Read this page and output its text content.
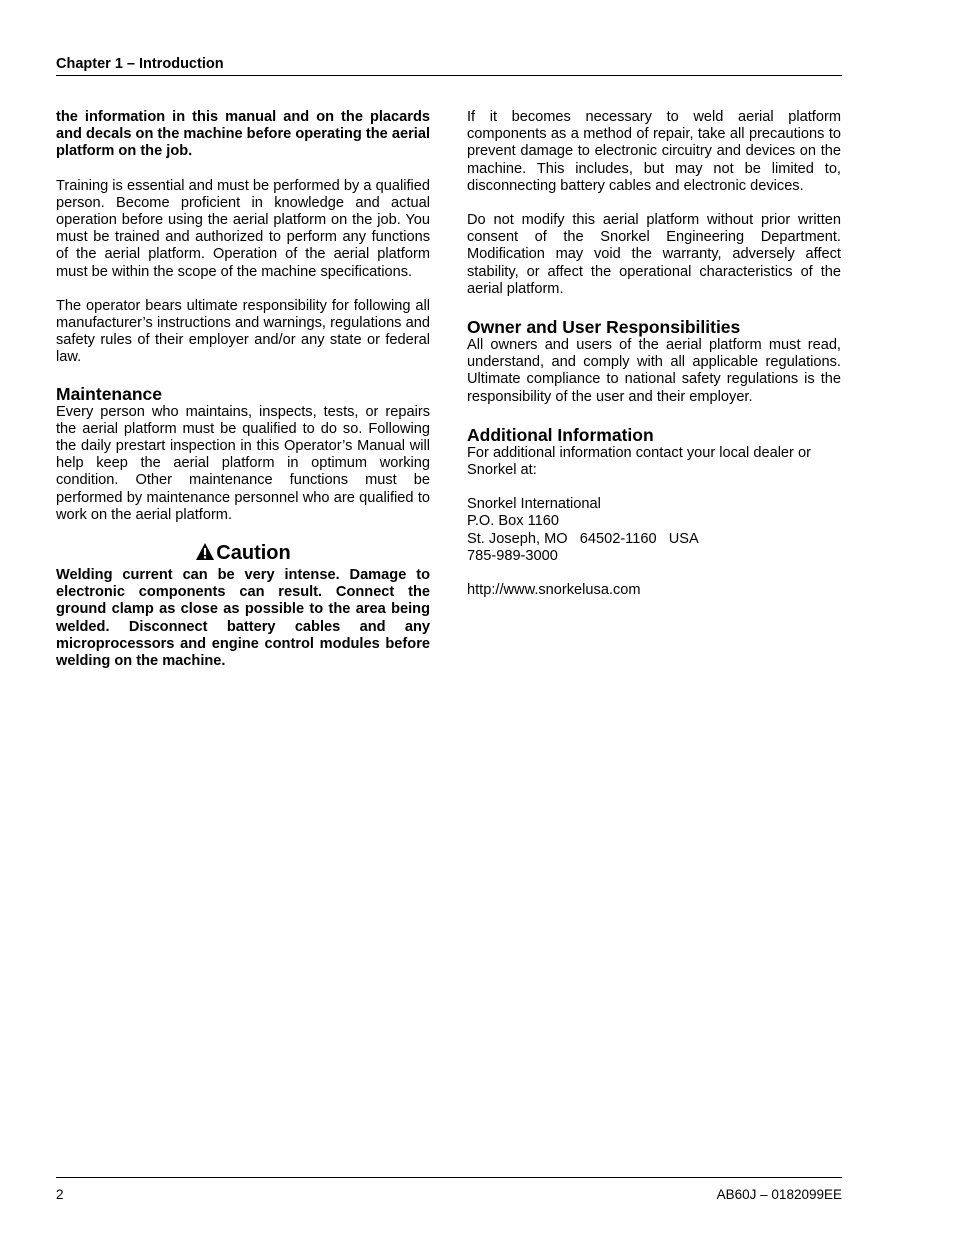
Chapter 1 – Introduction

the information in this manual and on the placards and decals on the machine before operating the aerial platform on the job.

Training is essential and must be performed by a qualified person. Become proficient in knowledge and actual operation before using the aerial platform on the job. You must be trained and authorized to perform any functions of the aerial platform. Operation of the aerial platform must be within the scope of the machine specifications.

The operator bears ultimate responsibility for following all manufacturer’s instructions and warnings, regulations and safety rules of their employer and/or any state or federal law.

Maintenance

Every person who maintains, inspects, tests, or repairs the aerial platform must be qualified to do so. Following the daily prestart inspection in this Operator’s Manual will help keep the aerial platform in optimum working condition. Other maintenance functions must be performed by maintenance personnel who are qualified to work on the aerial platform.

Caution

Welding current can be very intense. Damage to electronic components can result. Connect the ground clamp as close as possible to the area being welded. Disconnect battery cables and any microprocessors and engine control modules before welding on the machine.

If it becomes necessary to weld aerial platform components as a method of repair, take all precautions to prevent damage to electronic circuitry and devices on the machine. This includes, but may not be limited to, disconnecting battery cables and electronic devices.

Do not modify this aerial platform without prior written consent of the Snorkel Engineering Department. Modification may void the warranty, adversely affect stability, or affect the operational characteristics of the aerial platform.

Owner and User Responsibilities

All owners and users of the aerial platform must read, understand, and comply with all applicable regulations. Ultimate compliance to national safety regulations is the responsibility of the user and their employer.

Additional Information

For additional information contact your local dealer or Snorkel at:

Snorkel International
P.O. Box 1160
St. Joseph, MO   64502-1160   USA
785-989-3000

http://www.snorkelusa.com

2	AB60J – 0182099EE
